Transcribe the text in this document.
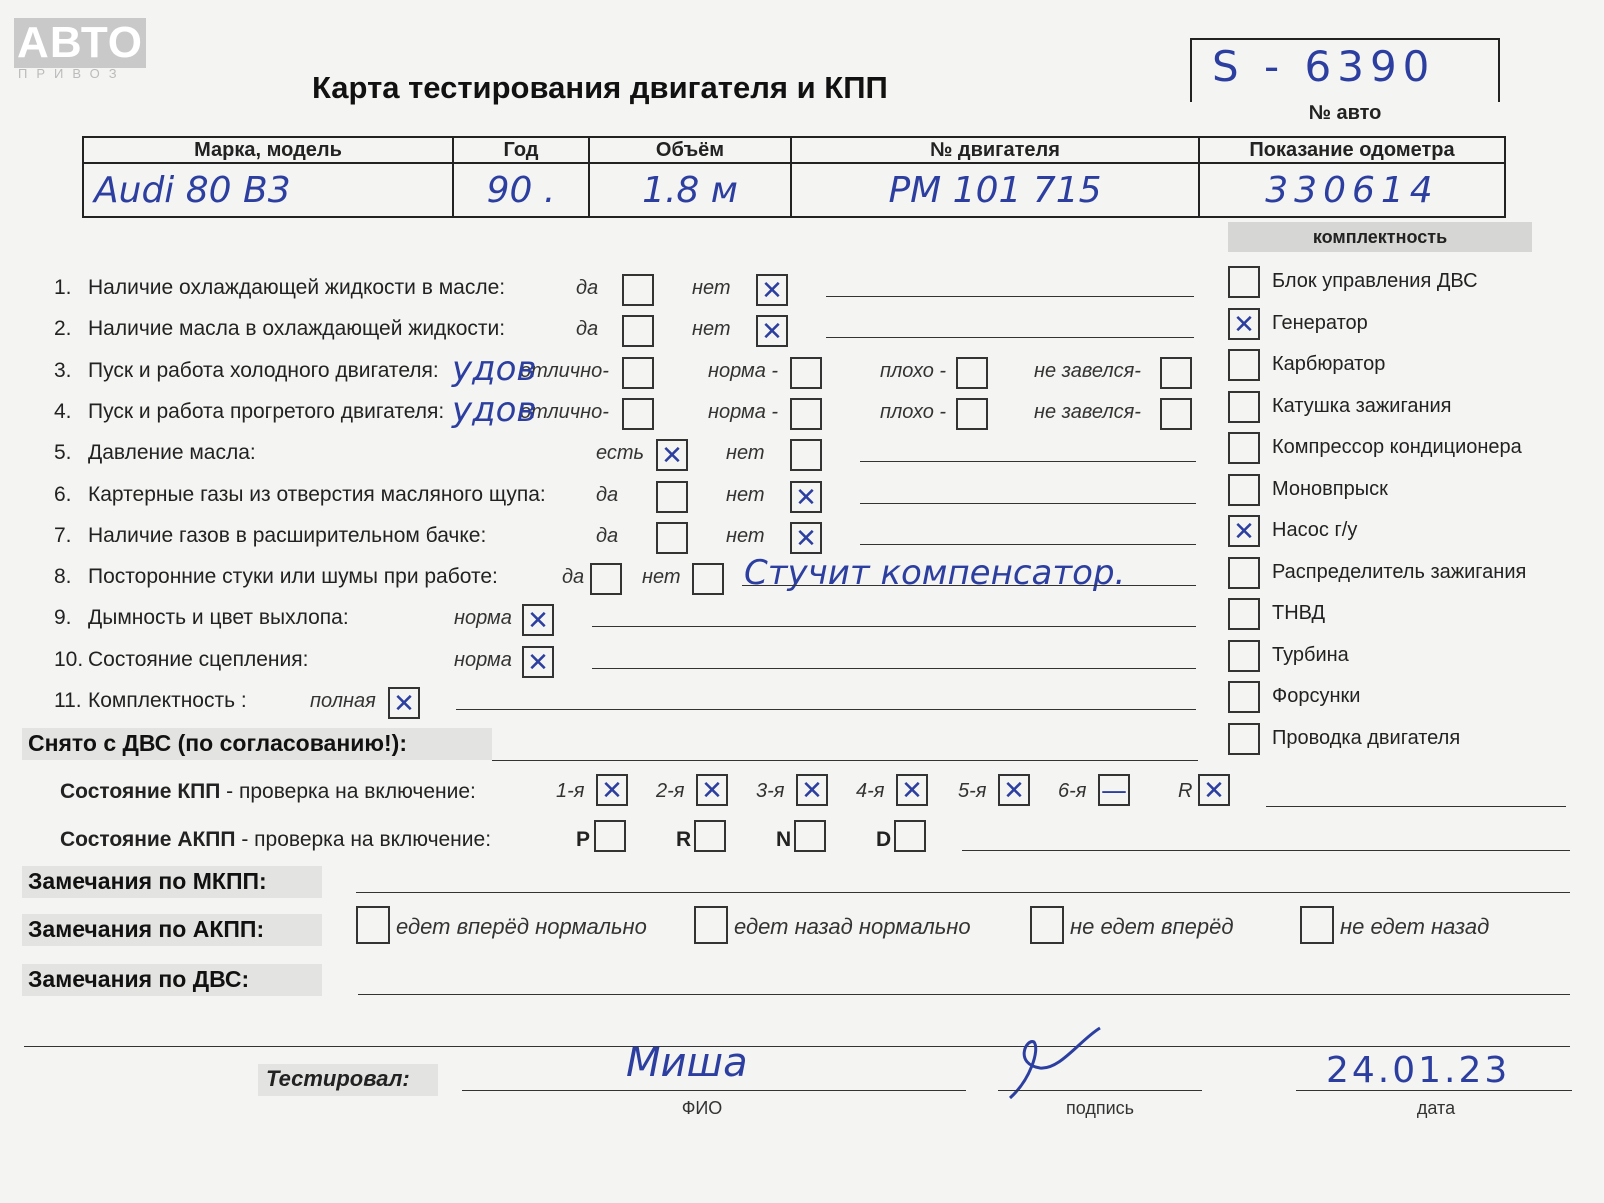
АВТО
ПРИВОЗ	Карта тестирования двигателя и КПП	S - 6390
№ авто
Марка, модель	Год	Объём	№ двигателя	Показание одометра
Audi 80 B3	90 .	1.8 м	PM 101 715	330614
комплектность
Блок управления ДВС
✕ Генератор
Карбюратор
Катушка зажигания
Компрессор кондиционера
Моновпрыск
✕ Насос г/у
Распределитель зажигания
ТНВД
Турбина
Форсунки
Проводка двигателя
1. Наличие охлаждающей жидкости в масле:	да	нет ✕
2. Наличие масла в охлаждающей жидкости:	да	нет ✕
3. Пуск и работа холодного двигателя:	отлично-	норма -	плохо -	не завелся-
удов
4. Пуск и работа прогретого двигателя:	отлично-	норма -	плохо -	не завелся-
удов
5. Давление масла:	есть ✕ нет
6. Картерные газы из отверстия масляного щупа:	да	нет ✕
7. Наличие газов в расширительном бачке:	да	нет ✕
8. Посторонние стуки или шумы при работе:	да	нет Стучит компенсатор.
9. Дымность и цвет выхлопа:	норма ✕
10. Состояние сцепления:	норма ✕
11. Комплектность :	полная ✕
Снято с ДВС (по согласованию!):
Состояние КПП - проверка на включение:	1-я ✕ 2-я ✕ 3-я ✕ 4-я ✕ 5-я ✕ 6-я —	R ✕
Состояние АКПП - проверка на включение:	P	R	N	D
Замечания по МКПП:
Замечания по АКПП:	едет вперёд нормально	едет назад нормально	не едет вперёд	не едет назад
Замечания по ДВС:
Тестировал:	Миша
ФИО	подпись
24.01.23
дата
